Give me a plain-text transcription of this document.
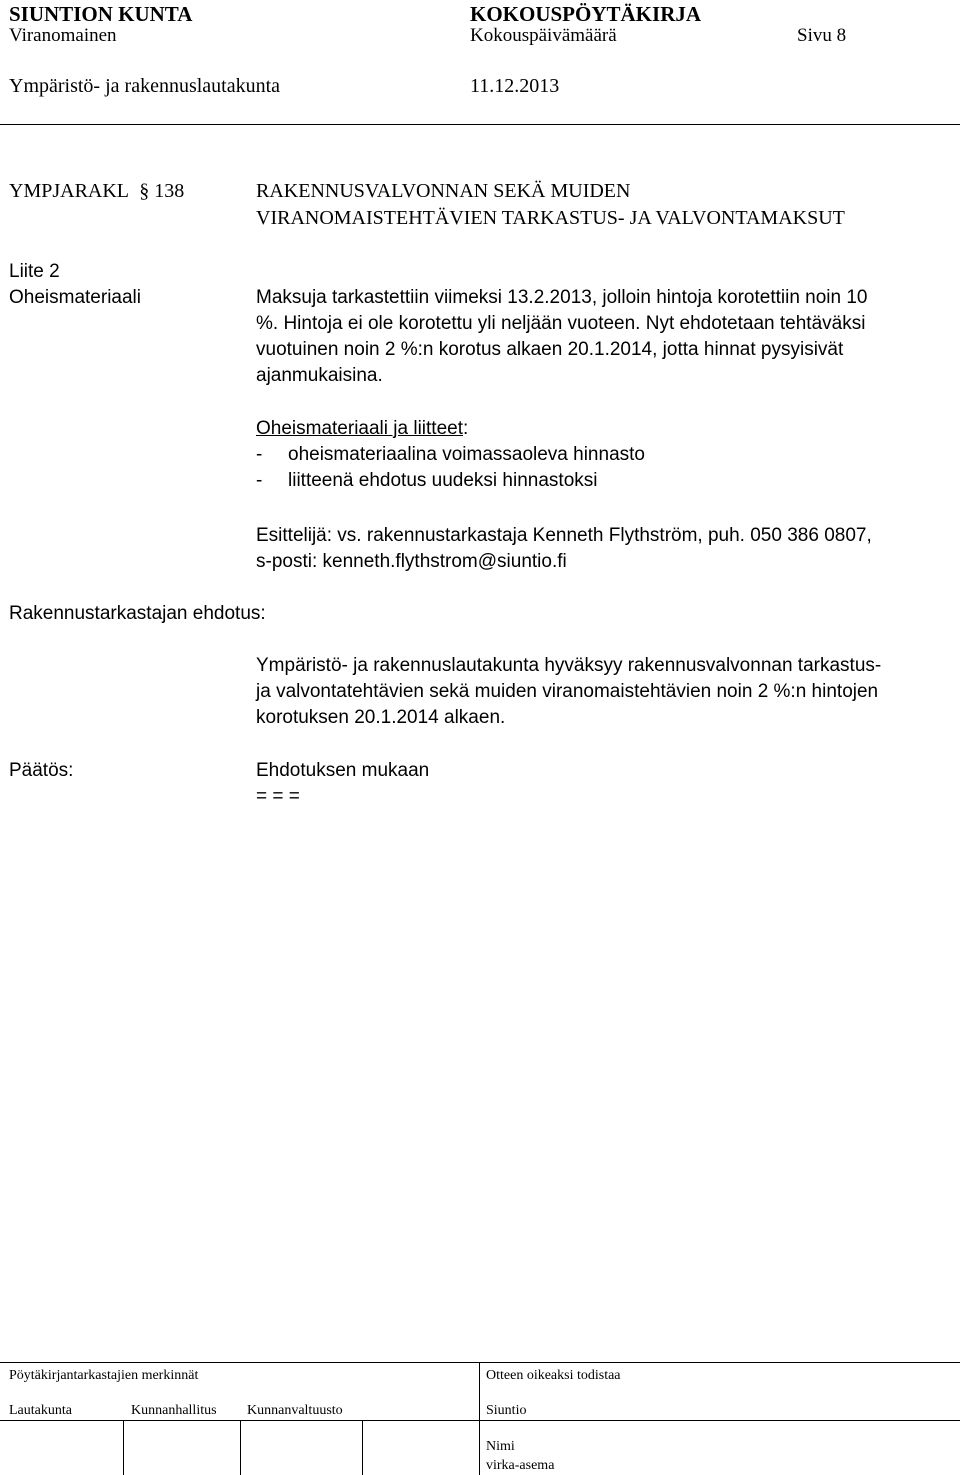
SIUNTION KUNTA	KOKOUSPÖYTÄKIRJA
Viranomainen	Kokouspäivämäärä	Sivu 8
Ympäristö- ja rakennuslautakunta	11.12.2013
YMPJARAKL § 138	RAKENNUSVALVONNAN SEKÄ MUIDEN
VIRANOMAISTEHTÄVIEN TARKASTUS- JA VALVONTAMAKSUT
Liite 2
Oheismateriaali	Maksuja tarkastettiin viimeksi 13.2.2013, jolloin hintoja korotettiin noin 10
%. Hintoja ei ole korotettu yli neljään vuoteen. Nyt ehdotetaan tehtäväksi
vuotuinen noin 2 %:n korotus alkaen 20.1.2014, jotta hinnat pysyisivät
ajanmukaisina.
Oheismateriaali ja liitteet:
- oheismateriaalina voimassaoleva hinnasto
- liitteenä ehdotus uudeksi hinnastoksi
Esittelijä: vs. rakennustarkastaja Kenneth Flythström, puh. 050 386 0807,
s-posti: kenneth.flythstrom@siuntio.fi
Rakennustarkastajan ehdotus:
Ympäristö- ja rakennuslautakunta hyväksyy rakennusvalvonnan tarkastus-
ja valvontatehtävien sekä muiden viranomaistehtävien noin 2 %:n hintojen
korotuksen 20.1.2014 alkaen.
Päätös:	Ehdotuksen mukaan
= = =
Pöytäkirjantarkastajien merkinnät	Otteen oikeaksi todistaa
Lautakunta	Kunnanhallitus Kunnanvaltuusto	Siuntio
Nimi
virka-asema
